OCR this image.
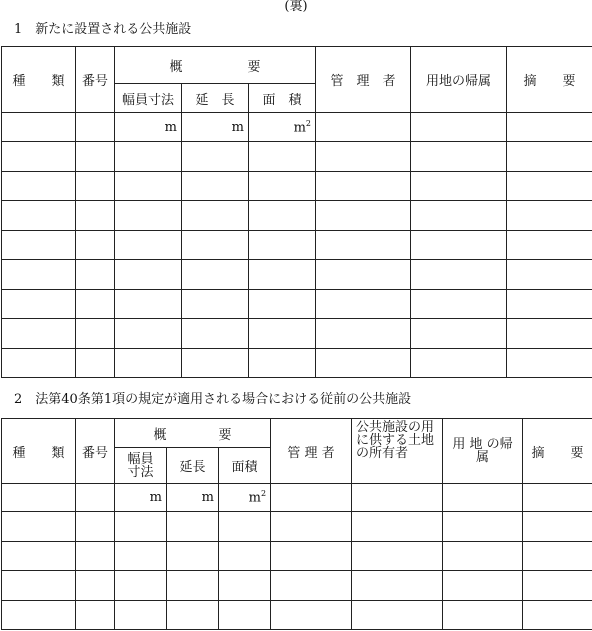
(裏)
1　新たに設置される公共施設
種　　類	番号	概　　　　　要			管　理　者	用地の帰属	摘　　要
		幅員寸法	延　長	面　積			
		m	m	$m^2$			

2　法第40条第1項の規定が適用される場合における従前の公共施設
種　　類	番号	概　　　　要			管 理 者	公共施設の用に供する土地の所有者	用 地 の帰　属	摘　　要
		幅員寸法	延長	面積				
		m	m	$m^2$				
